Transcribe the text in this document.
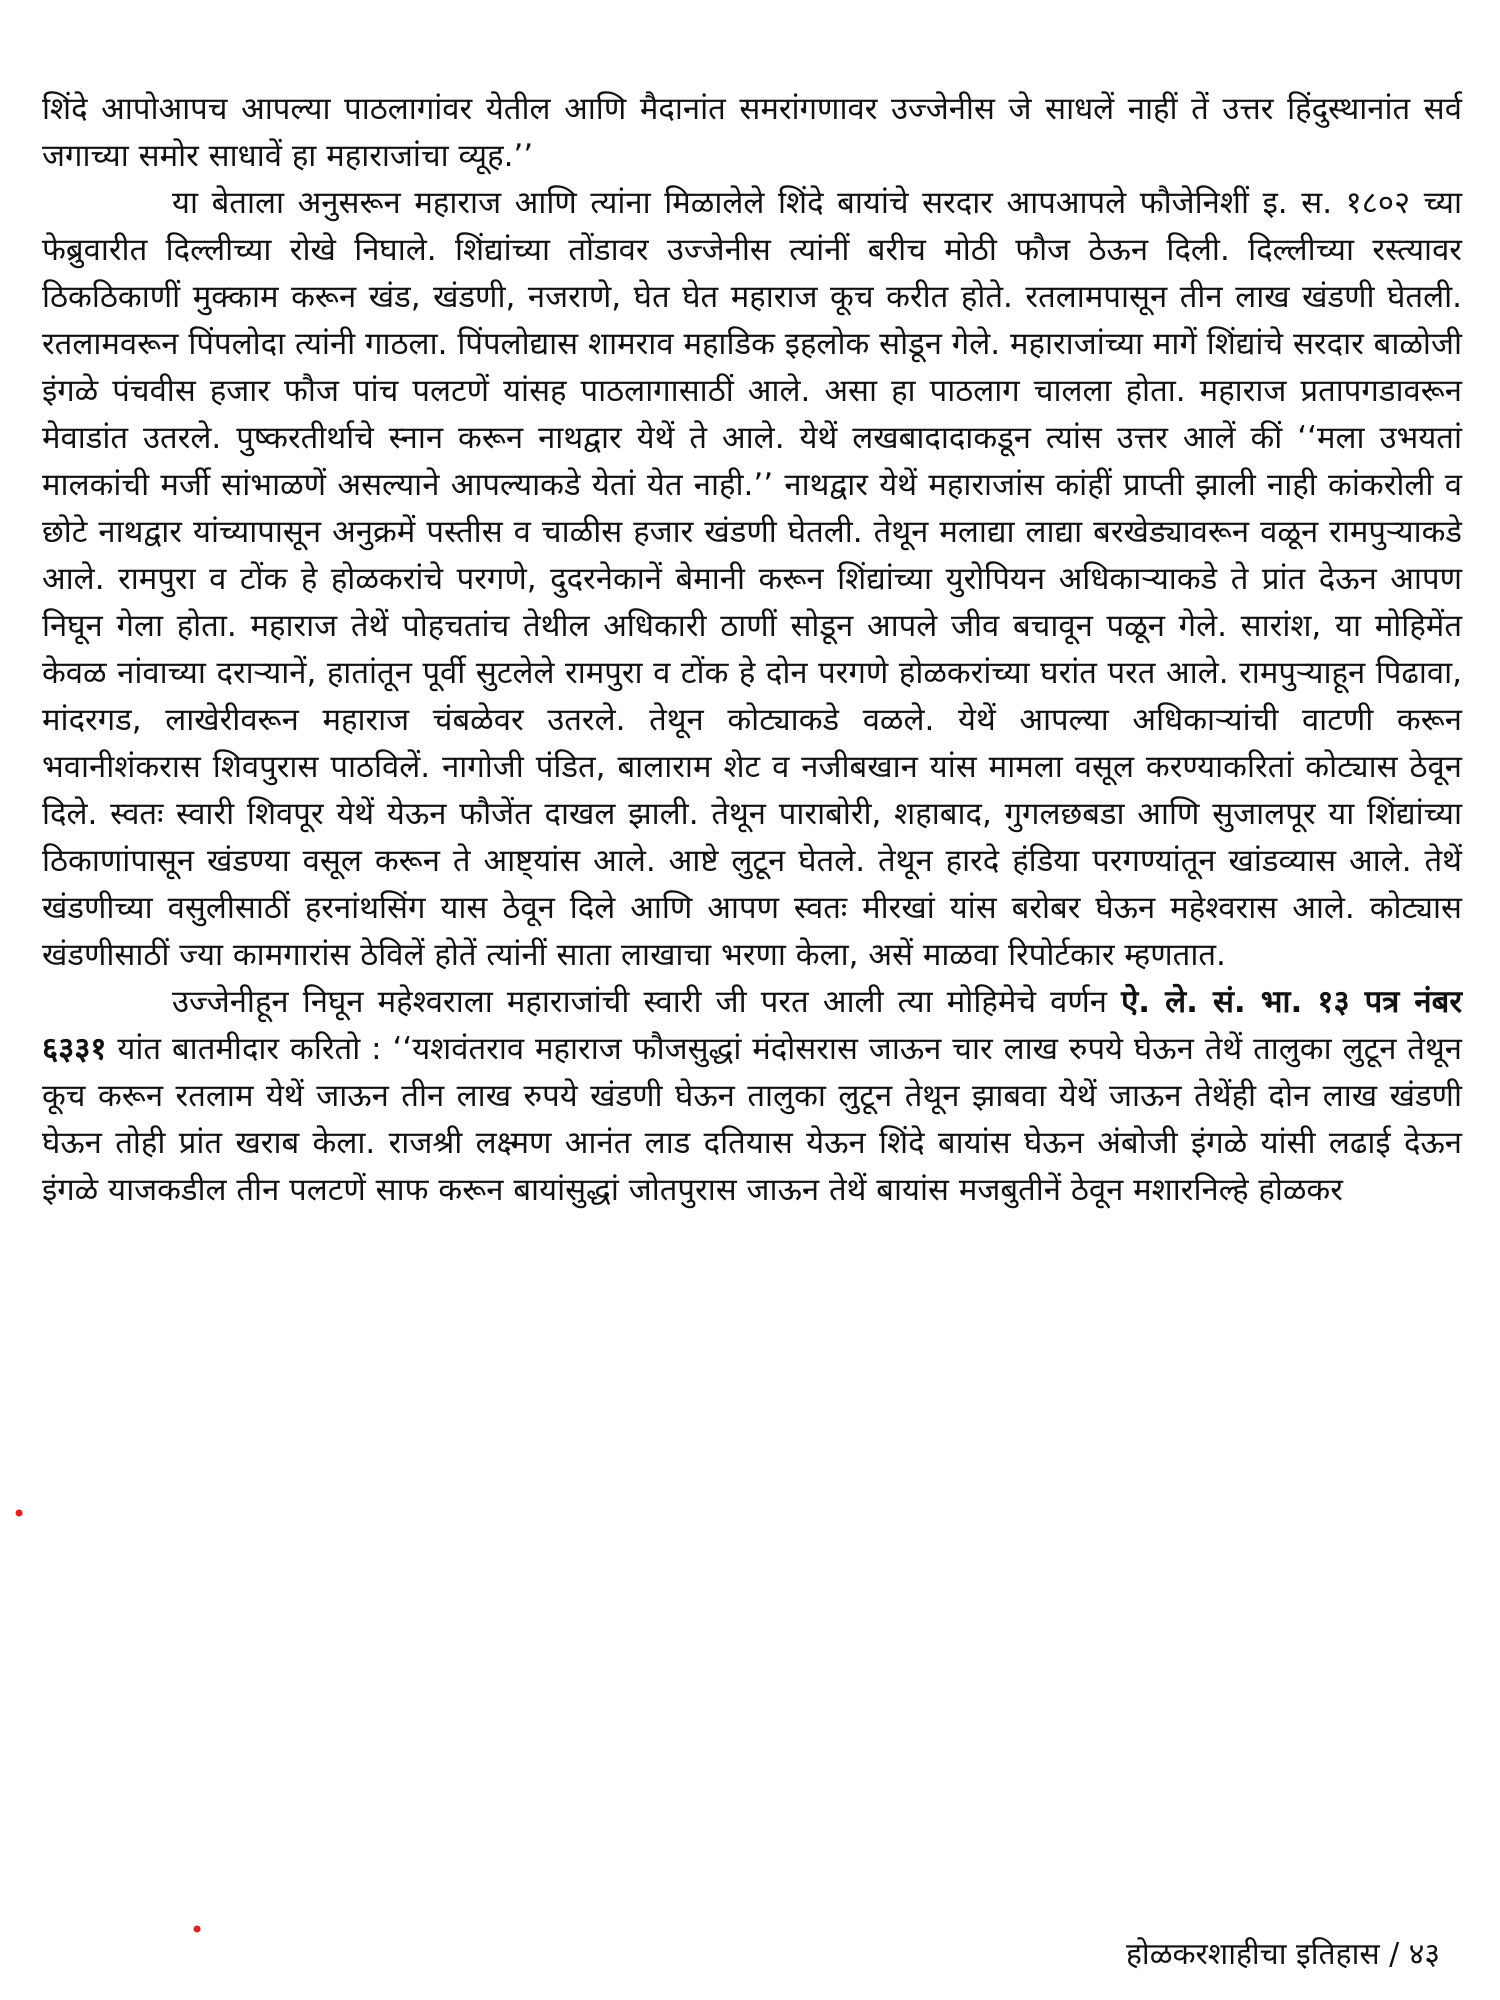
शिंदे आपोआपच आपल्या पाठलागांवर येतील आणि मैदानांत समरांगणावर उज्जेनीस जे साधलें नाहीं तें उत्तर हिंदुस्थानांत सर्व जगाच्या समोर साधावें हा महाराजांचा व्यूह.’’

या बेताला अनुसरून महाराज आणि त्यांना मिळालेले शिंदे बायांचे सरदार आपआपले फौजेनिशीं इ. स. १८०२ च्या फेब्रुवारीत दिल्लीच्या रोखे निघाले. शिंद्यांच्या तोंडावर उज्जेनीस त्यांनीं बरीच मोठी फौज ठेऊन दिली. दिल्लीच्या रस्त्यावर ठिकठिकाणीं मुक्काम करून खंड, खंडणी, नजराणे, घेत घेत महाराज कूच करीत होते. रतलामपासून तीन लाख खंडणी घेतली. रतलामवरून पिंपलोदा त्यांनी गाठला. पिंपलोद्यास शामराव महाडिक इहलोक सोडून गेले. महाराजांच्या मागें शिंद्यांचे सरदार बाळोजी इंगळे पंचवीस हजार फौज पांच पलटणें यांसह पाठलागासाठीं आले. असा हा पाठलाग चालला होता. महाराज प्रतापगडावरून मेवाडांत उतरले. पुष्करतीर्थाचे स्नान करून नाथद्वार येथें ते आले. येथें लखबादादाकडून त्यांस उत्तर आलें कीं ‘‘मला उभयतां मालकांची मर्जी सांभाळणें असल्याने आपल्याकडे येतां येत नाही.’’ नाथद्वार येथें महाराजांस कांहीं प्राप्ती झाली नाही कांकरोली व छोटे नाथद्वार यांच्यापासून अनुक्रमें पस्तीस व चाळीस हजार खंडणी घेतली. तेथून मलाद्या लाद्या बरखेड्यावरून वळून रामपुऱ्याकडे आले. रामपुरा व टोंक हे होळकरांचे परगणे, दुदरनेकानें बेमानी करून शिंद्यांच्या युरोपियन अधिकाऱ्याकडे ते प्रांत देऊन आपण निघून गेला होता. महाराज तेथें पोहचतांच तेथील अधिकारी ठाणीं सोडून आपले जीव बचावून पळून गेले. सारांश, या मोहिमेंत केवळ नांवाच्या दराऱ्यानें, हातांतून पूर्वी सुटलेले रामपुरा व टोंक हे दोन परगणे होळकरांच्या घरांत परत आले. रामपुऱ्याहून पिढावा, मांदरगड, लाखेरीवरून महाराज चंबळेवर उतरले. तेथून कोट्याकडे वळले. येथें आपल्या अधिकाऱ्यांची वाटणी करून भवानीशंकरास शिवपुरास पाठविलें. नागोजी पंडित, बालाराम शेट व नजीबखान यांस मामला वसूल करण्याकरितां कोट्यास ठेवून दिले. स्वतः स्वारी शिवपूर येथें येऊन फौजेंत दाखल झाली. तेथून पाराबोरी, शहाबाद, गुगलछबडा आणि सुजालपूर या शिंद्यांच्या ठिकाणांपासून खंडण्या वसूल करून ते आष्ट्यांस आले. आष्टे लुटून घेतले. तेथून हारदे हंडिया परगण्यांतून खांडव्यास आले. तेथें खंडणीच्या वसुलीसाठीं हरनांथसिंग यास ठेवून दिले आणि आपण स्वतः मीरखां यांस बरोबर घेऊन महेश्वरास आले. कोट्यास खंडणीसाठीं ज्या कामगारांस ठेविलें होतें त्यांनीं साता लाखाचा भरणा केला, असें माळवा रिपोर्टकार म्हणतात.

उज्जेनीहून निघून महेश्वराला महाराजांची स्वारी जी परत आली त्या मोहिमेचे वर्णन ऐ. ले. सं. भा. १३ पत्र नंबर ६३३१ यांत बातमीदार करितो : ‘‘यशवंतराव महाराज फौजसुद्धां मंदोसरास जाऊन चार लाख रुपये घेऊन तेथें तालुका लुटून तेथून कूच करून रतलाम येथें जाऊन तीन लाख रुपये खंडणी घेऊन तालुका लुटून तेथून झाबवा येथें जाऊन तेथेंही दोन लाख खंडणी घेऊन तोही प्रांत खराब केला. राजश्री लक्ष्मण आनंत लाड दतियास येऊन शिंदे बायांस घेऊन अंबोजी इंगळे यांसी लढाई देऊन इंगळे याजकडील तीन पलटणें साफ करून बायांसुद्धां जोतपुरास जाऊन तेथें बायांस मजबुतीनें ठेवून मशारनिल्हे होळकर

•
•
होळकरशाहीचा इतिहास / ४३
